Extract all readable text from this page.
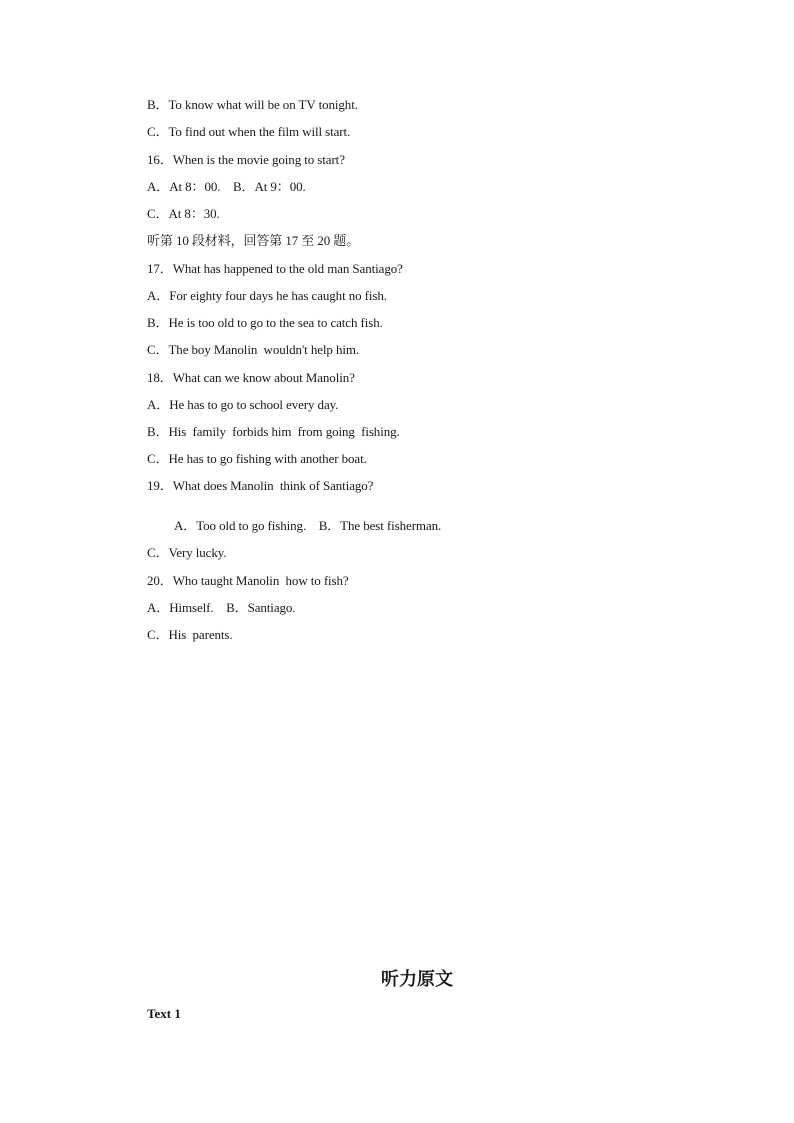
B．To know what will be on TV tonight.
C．To find out when the film will start.
16．When is the movie going to start?
A．At 8：00.    B．At 9：00.
C．At 8：30.
听第 10 段材料，回答第 17 至 20 题。
17．What has happened to the old man Santiago?
A．For eighty four days he has caught no fish.
B．He is too old to go to the sea to catch fish.
C．The boy Manolin  wouldn't help him.
18．What can we know about Manolin?
A．He has to go to school every day.
B．His  family  forbids him  from going  fishing.
C．He has to go fishing with another boat.
19．What does Manolin  think of Santiago?
A．Too old to go fishing.    B．The best fisherman.
C．Very lucky.
20．Who taught Manolin  how to fish?
A．Himself.    B．Santiago.
C．His  parents.
听力原文
Text 1
